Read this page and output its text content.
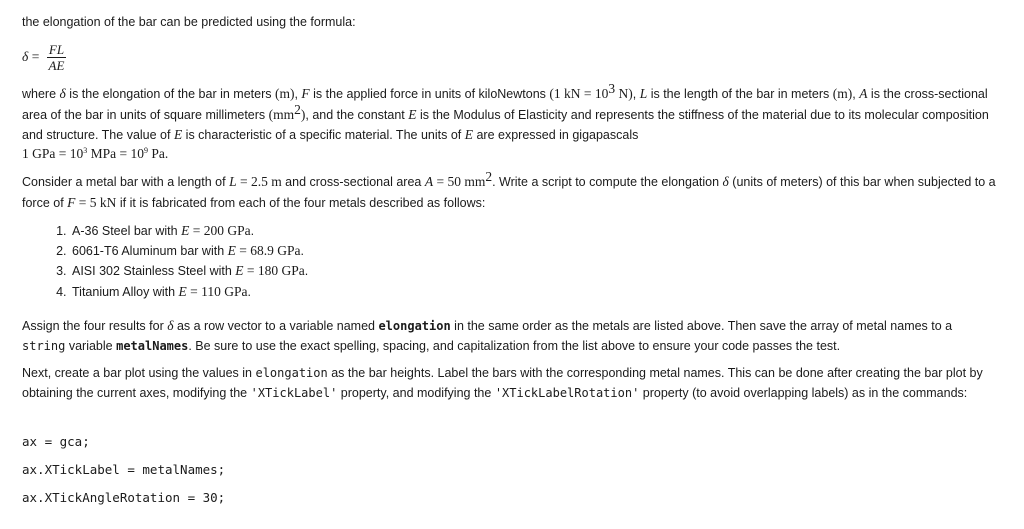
the elongation of the bar can be predicted using the formula:

$\delta = \frac{FL}{AE}$

where δ is the elongation of the bar in meters (m), F is the applied force in units of kiloNewtons (1 kN = $10^3$ N), L is the length of the bar in meters (m), A is the cross-sectional area of the bar in units of square millimeters $(mm^2)$, and the constant E is the Modulus of Elasticity and represents the stiffness of the material due to its molecular composition and structure. The value of E is characteristic of a specific material. The units of E are expressed in gigapascals

1 GPa = $10^3$ MPa = $10^9$ Pa.

Consider a metal bar with a length of L = 2.5 m and cross-sectional area A = 50 $mm^2$. Write a script to compute the elongation δ (units of meters) of this bar when subjected to a force of F = 5 kN if it is fabricated from each of the four metals described as follows:

1. A-36 Steel bar with E = 200 GPa.
2. 6061-T6 Aluminum bar with E = 68.9 GPa.
3. AISI 302 Stainless Steel with E = 180 GPa.
4. Titanium Alloy with E = 110 GPa.

Assign the four results for δ as a row vector to a variable named elongation in the same order as the metals are listed above. Then save the array of metal names to a string variable metalNames. Be sure to use the exact spelling, spacing, and capitalization from the list above to ensure your code passes the test.

Next, create a bar plot using the values in elongation as the bar heights. Label the bars with the corresponding metal names. This can be done after creating the bar plot by obtaining the current axes, modifying the 'XTickLabel' property, and modifying the 'XTickLabelRotation' property (to avoid overlapping labels) as in the commands:

ax = gca;
ax.XTickLabel = metalNames;
ax.XTickAngleRotation = 30;
